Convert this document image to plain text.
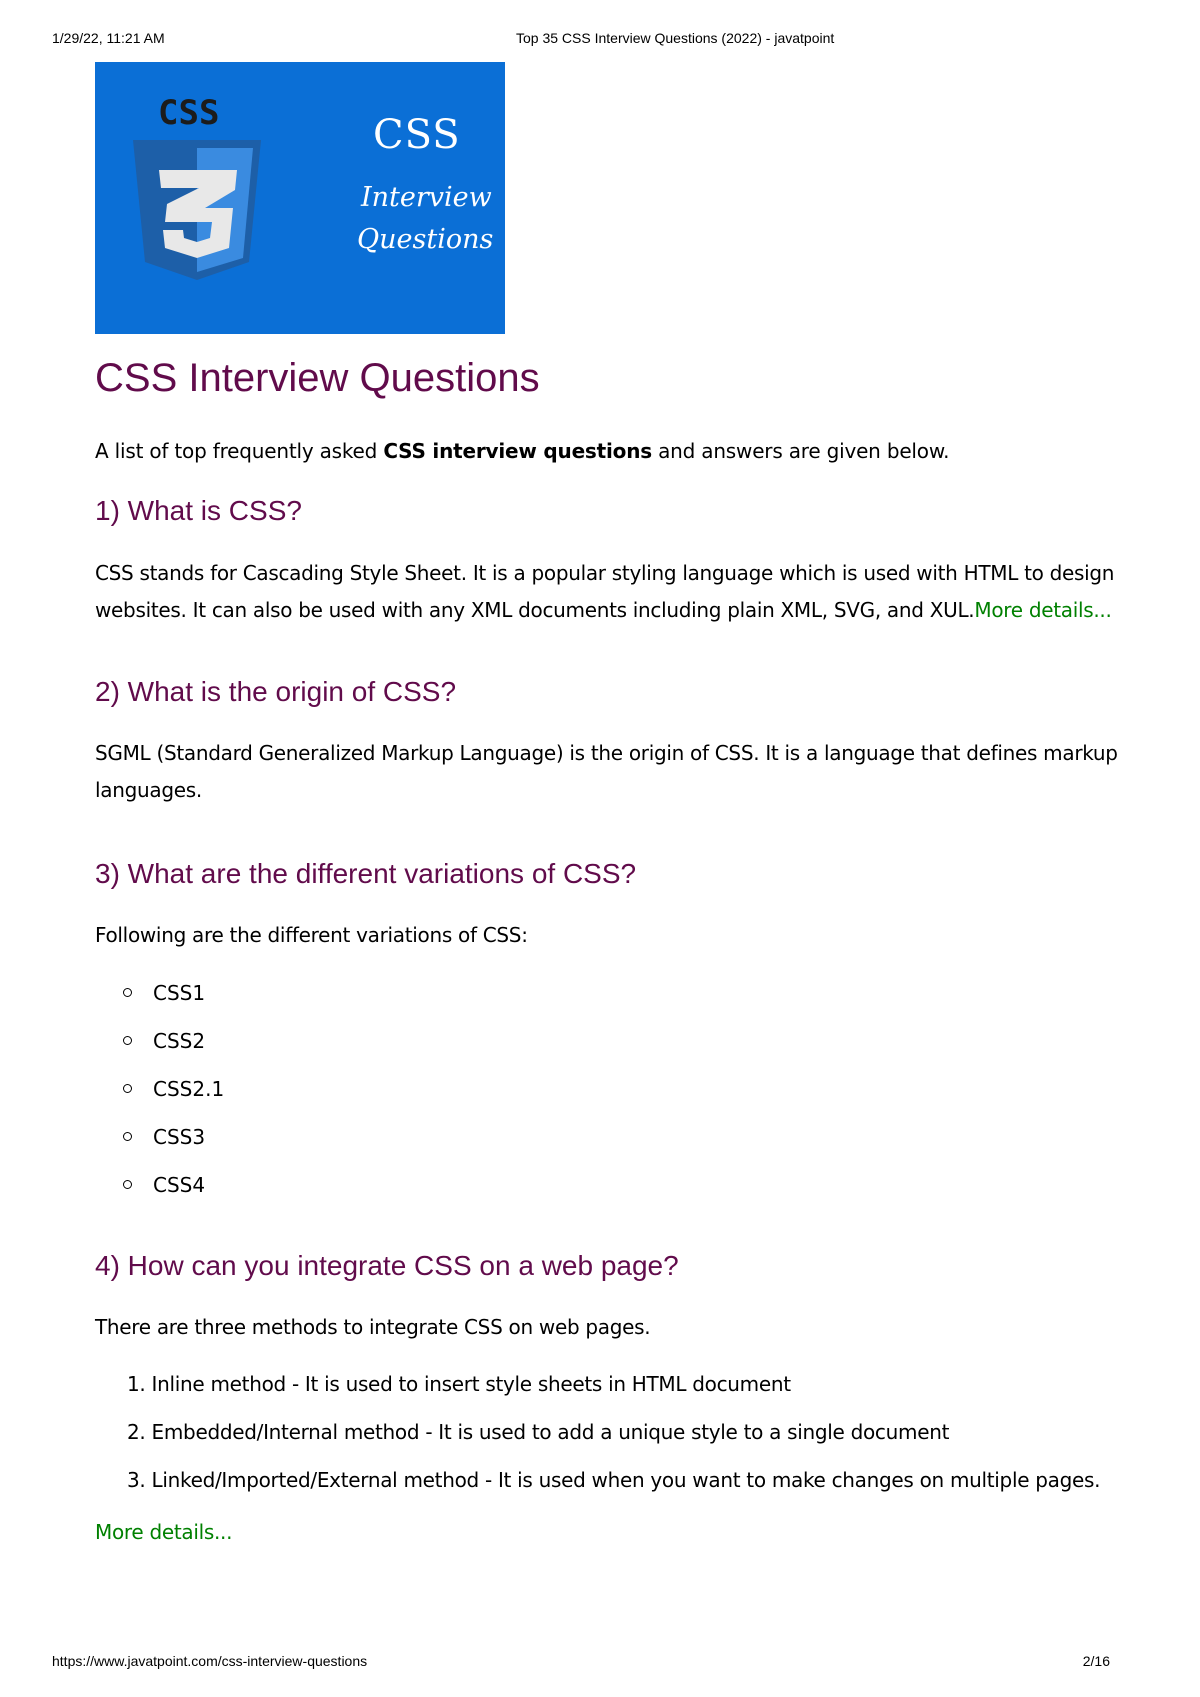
1/29/22, 11:21 AM	Top 35 CSS Interview Questions (2022) - javatpoint
CSS	CSS
Interview
Questions
CSS Interview Questions

A list of top frequently asked CSS interview questions and answers are given below.

1) What is CSS?

CSS stands for Cascading Style Sheet. It is a popular styling language which is used with HTML to design
websites. It can also be used with any XML documents including plain XML, SVG, and XUL.More details...

2) What is the origin of CSS?

SGML (Standard Generalized Markup Language) is the origin of CSS. It is a language that defines markup
languages.

3) What are the different variations of CSS?

Following are the different variations of CSS:

CSS1
CSS2
CSS2.1
CSS3
CSS4
4) How can you integrate CSS on a web page?

There are three methods to integrate CSS on web pages.

1. Inline method - It is used to insert style sheets in HTML document
2. Embedded/Internal method - It is used to add a unique style to a single document
3. Linked/Imported/External method - It is used when you want to make changes on multiple pages.

More details...

https://www.javatpoint.com/css-interview-questions	2/16
